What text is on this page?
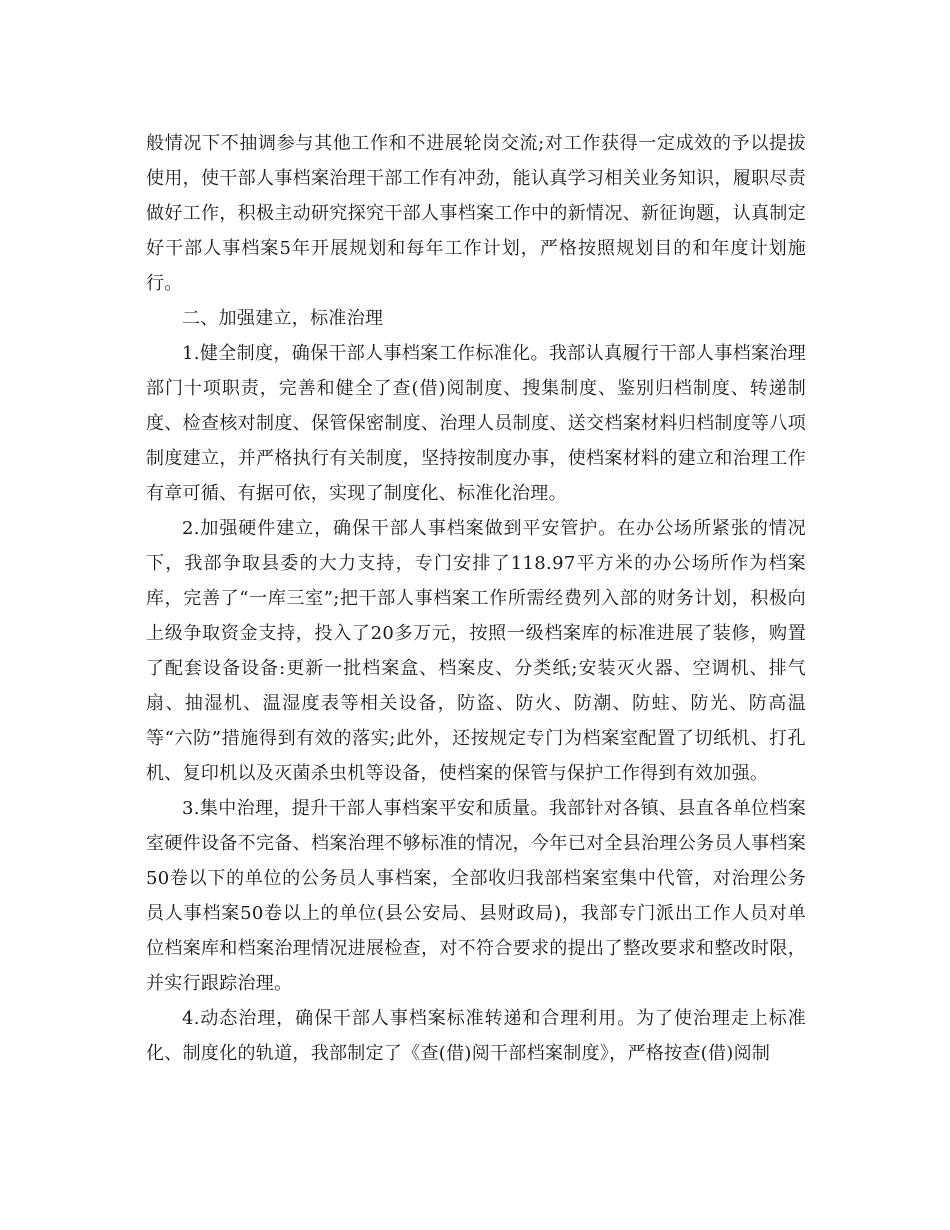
般情况下不抽调参与其他工作和不进展轮岗交流;对工作获得一定成效的予以提拔使用，使干部人事档案治理干部工作有冲劲，能认真学习相关业务知识，履职尽责做好工作，积极主动研究探究干部人事档案工作中的新情况、新征询题，认真制定好干部人事档案5年开展规划和每年工作计划，严格按照规划目的和年度计划施行。

二、加强建立，标准治理

1.健全制度，确保干部人事档案工作标准化。我部认真履行干部人事档案治理部门十项职责，完善和健全了查(借)阅制度、搜集制度、鉴别归档制度、转递制度、检查核对制度、保管保密制度、治理人员制度、送交档案材料归档制度等八项制度建立，并严格执行有关制度，坚持按制度办事，使档案材料的建立和治理工作有章可循、有据可依，实现了制度化、标准化治理。

2.加强硬件建立，确保干部人事档案做到平安管护。在办公场所紧张的情况下，我部争取县委的大力支持，专门安排了118.97平方米的办公场所作为档案库，完善了“一库三室”;把干部人事档案工作所需经费列入部的财务计划，积极向上级争取资金支持，投入了20多万元，按照一级档案库的标准进展了装修，购置了配套设备设备:更新一批档案盒、档案皮、分类纸;安装灭火器、空调机、排气扇、抽湿机、温湿度表等相关设备，防盗、防火、防潮、防蛀、防光、防高温等“六防”措施得到有效的落实;此外，还按规定专门为档案室配置了切纸机、打孔机、复印机以及灭菌杀虫机等设备，使档案的保管与保护工作得到有效加强。

3.集中治理，提升干部人事档案平安和质量。我部针对各镇、县直各单位档案室硬件设备不完备、档案治理不够标准的情况，今年已对全县治理公务员人事档案50卷以下的单位的公务员人事档案，全部收归我部档案室集中代管，对治理公务员人事档案50卷以上的单位(县公安局、县财政局)，我部专门派出工作人员对单位档案库和档案治理情况进展检查，对不符合要求的提出了整改要求和整改时限，并实行跟踪治理。

4.动态治理，确保干部人事档案标准转递和合理利用。为了使治理走上标准化、制度化的轨道，我部制定了《查(借)阅干部档案制度》，严格按查(借)阅制
